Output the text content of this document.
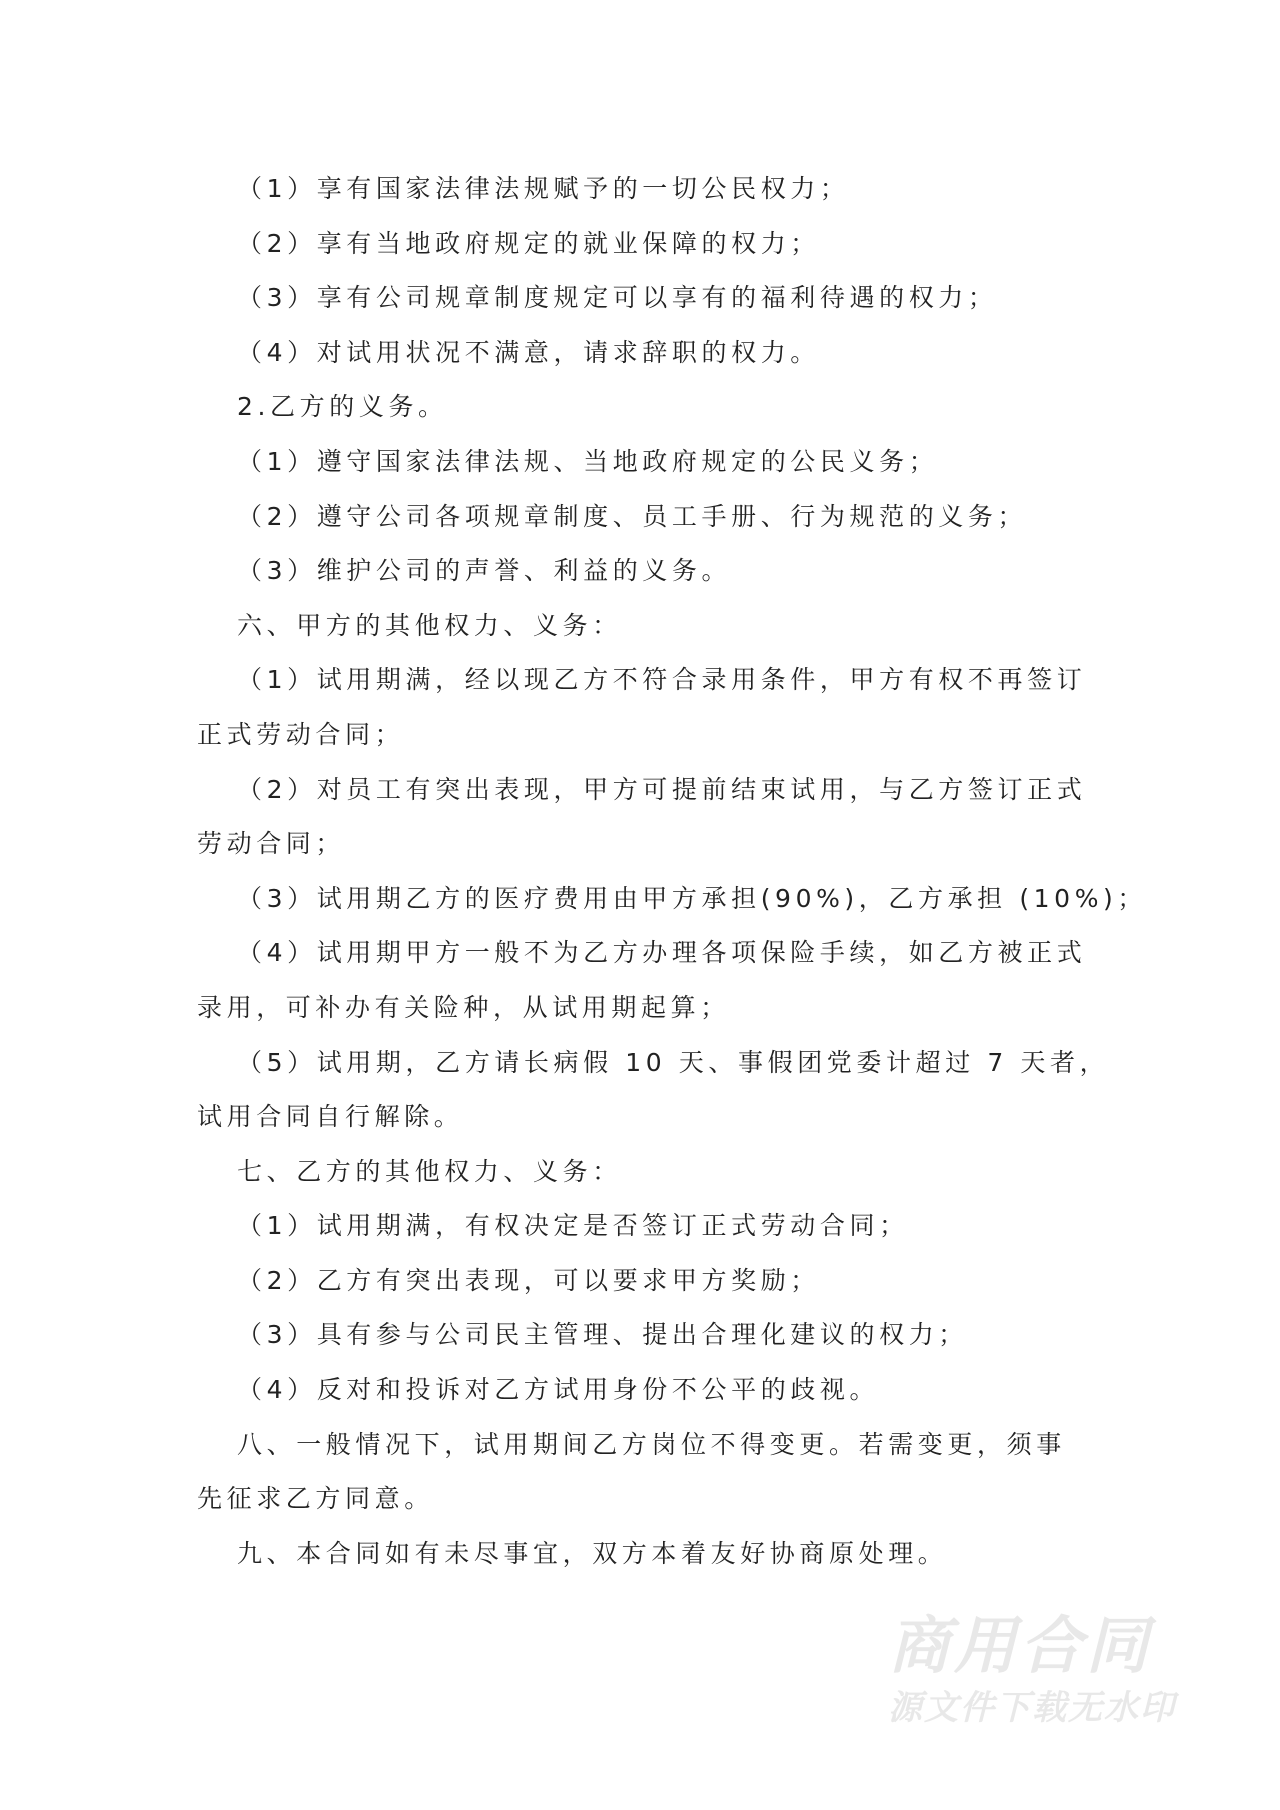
（1）享有国家法律法规赋予的一切公民权力；
（2）享有当地政府规定的就业保障的权力；
（3）享有公司规章制度规定可以享有的福利待遇的权力；
（4）对试用状况不满意，请求辞职的权力。
2.乙方的义务。
（1）遵守国家法律法规、当地政府规定的公民义务；
（2）遵守公司各项规章制度、员工手册、行为规范的义务；
（3）维护公司的声誉、利益的义务。
六、甲方的其他权力、义务：
（1）试用期满，经以现乙方不符合录用条件，甲方有权不再签订
正式劳动合同；
（2）对员工有突出表现，甲方可提前结束试用，与乙方签订正式
劳动合同；
（3）试用期乙方的医疗费用由甲方承担(90%)，乙方承担 (10%)；
（4）试用期甲方一般不为乙方办理各项保险手续，如乙方被正式
录用，可补办有关险种，从试用期起算；
（5）试用期，乙方请长病假 10 天、事假团党委计超过 7 天者，
试用合同自行解除。
七、乙方的其他权力、义务：
（1）试用期满，有权决定是否签订正式劳动合同；
（2）乙方有突出表现，可以要求甲方奖励；
（3）具有参与公司民主管理、提出合理化建议的权力；
（4）反对和投诉对乙方试用身份不公平的歧视。
八、一般情况下，试用期间乙方岗位不得变更。若需变更，须事
先征求乙方同意。
九、本合同如有未尽事宜，双方本着友好协商原处理。
商用合同
源文件下载无水印
